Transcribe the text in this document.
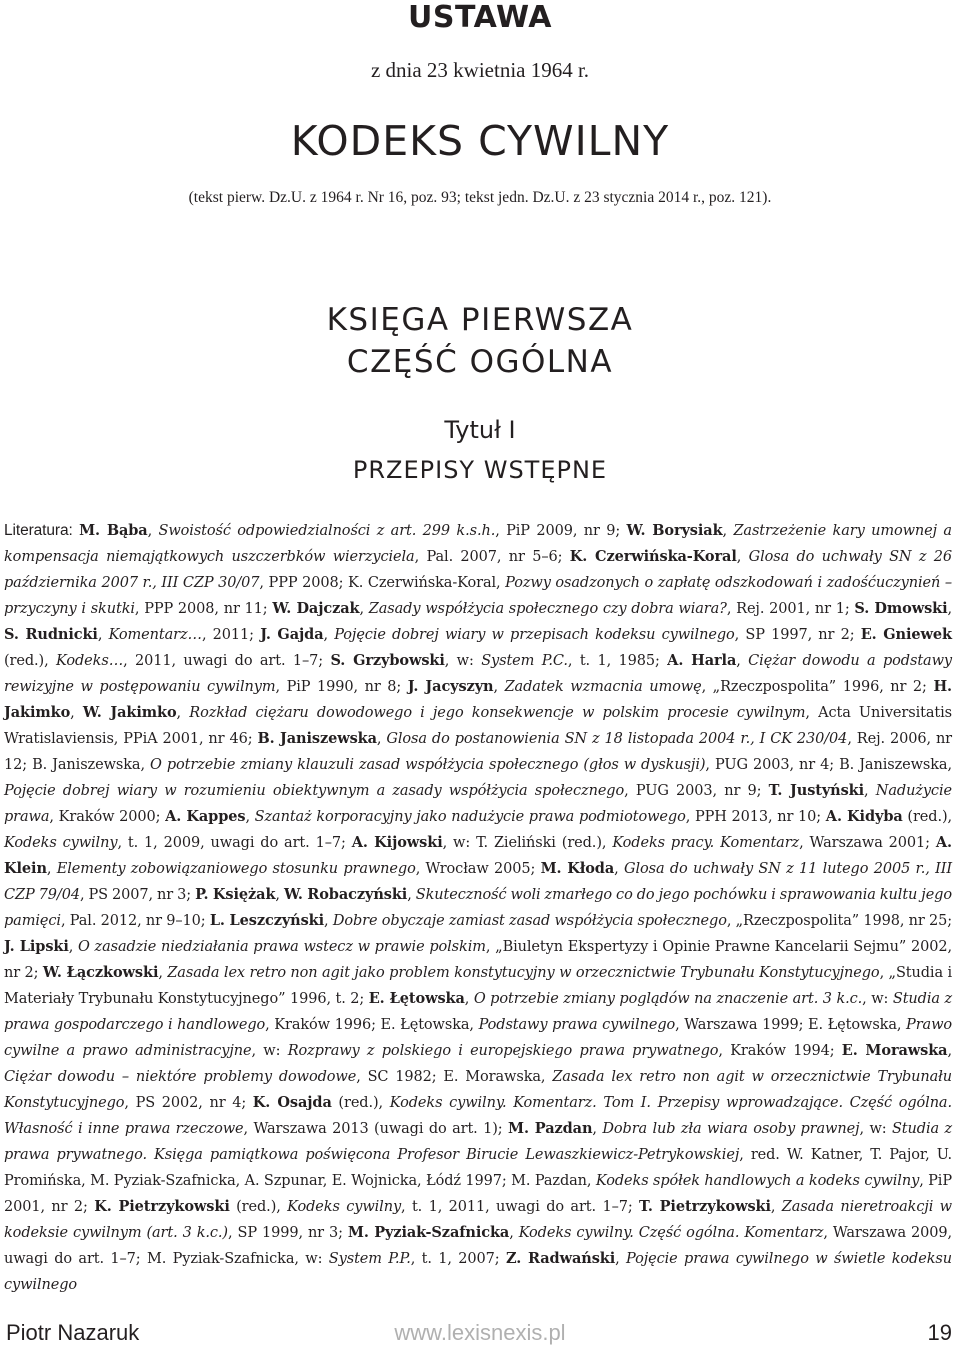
USTAWA
z dnia 23 kwietnia 1964 r.
KODEKS CYWILNY
(tekst pierw. Dz.U. z 1964 r. Nr 16, poz. 93; tekst jedn. Dz.U. z 23 stycznia 2014 r., poz. 121).
KSIĘGA PIERWSZA
CZĘŚĆ OGÓLNA
Tytuł I
PRZEPISY WSTĘPNE
Literatura: M. Bąba, Swoistość odpowiedzialności z art. 299 k.s.h., PiP 2009, nr 9; W. Borysiak, Zastrzeżenie kary umownej a kompensacja niemajątkowych uszczerbków wierzyciela, Pal. 2007, nr 5–6; K. Czerwińska-Koral, Glosa do uchwały SN z 26 października 2007 r., III CZP 30/07, PPP 2008; K. Czerwińska-Koral, Pozwy osadzonych o zapłatę odszkodowań i zadośćuczynień – przyczyny i skutki, PPP 2008, nr 11; W. Dajczak, Zasady współżycia społecznego czy dobra wiara?, Rej. 2001, nr 1; S. Dmowski, S. Rudnicki, Komentarz…, 2011; J. Gajda, Pojęcie dobrej wiary w przepisach kodeksu cywilnego, SP 1997, nr 2; E. Gniewek (red.), Kodeks…, 2011, uwagi do art. 1–7; S. Grzybowski, w: System P.C., t. 1, 1985; A. Harla, Ciężar dowodu a podstawy rewizyjne w postępowaniu cywilnym, PiP 1990, nr 8; J. Jacyszyn, Zadatek wzmacnia umowę, „Rzeczpospolita” 1996, nr 2; H. Jakimko, W. Jakimko, Rozkład ciężaru dowodowego i jego konsekwencje w polskim procesie cywilnym, Acta Universitatis Wratislaviensis, PPiA 2001, nr 46; B. Janiszewska, Glosa do postanowienia SN z 18 listopada 2004 r., I CK 230/04, Rej. 2006, nr 12; B. Janiszewska, O potrzebie zmiany klauzuli zasad współżycia społecznego (głos w dyskusji), PUG 2003, nr 4; B. Janiszewska, Pojęcie dobrej wiary w rozumieniu obiektywnym a zasady współżycia społecznego, PUG 2003, nr 9; T. Justyński, Nadużycie prawa, Kraków 2000; A. Kappes, Szantaż korporacyjny jako nadużycie prawa podmiotowego, PPH 2013, nr 10; A. Kidyba (red.), Kodeks cywilny, t. 1, 2009, uwagi do art. 1–7; A. Kijowski, w: T. Zieliński (red.), Kodeks pracy. Komentarz, Warszawa 2001; A. Klein, Elementy zobowiązaniowego stosunku prawnego, Wrocław 2005; M. Kłoda, Glosa do uchwały SN z 11 lutego 2005 r., III CZP 79/04, PS 2007, nr 3; P. Księżak, W. Robaczyński, Skuteczność woli zmarłego co do jego pochówku i sprawowania kultu jego pamięci, Pal. 2012, nr 9–10; L. Leszczyński, Dobre obyczaje zamiast zasad współżycia społecznego, „Rzeczpospolita” 1998, nr 25; J. Lipski, O zasadzie niedziałania prawa wstecz w prawie polskim, „Biuletyn Ekspertyzy i Opinie Prawne Kancelarii Sejmu” 2002, nr 2; W. Łączkowski, Zasada lex retro non agit jako problem konstytucyjny w orzecznictwie Trybunału Konstytucyjnego, „Studia i Materiały Trybunału Konstytucyjnego” 1996, t. 2; E. Łętowska, O potrzebie zmiany poglądów na znaczenie art. 3 k.c., w: Studia z prawa gospodarczego i handlowego, Kraków 1996; E. Łętowska, Podstawy prawa cywilnego, Warszawa 1999; E. Łętowska, Prawo cywilne a prawo administracyjne, w: Rozprawy z polskiego i europejskiego prawa prywatnego, Kraków 1994; E. Morawska, Ciężar dowodu – niektóre problemy dowodowe, SC 1982; E. Morawska, Zasada lex retro non agit w orzecznictwie Trybunału Konstytucyjnego, PS 2002, nr 4; K. Osajda (red.), Kodeks cywilny. Komentarz. Tom I. Przepisy wprowadzające. Część ogólna. Własność i inne prawa rzeczowe, Warszawa 2013 (uwagi do art. 1); M. Pazdan, Dobra lub zła wiara osoby prawnej, w: Studia z prawa prywatnego. Księga pamiątkowa poświęcona Profesor Birucie Lewaszkiewicz-Petrykowskiej, red. W. Katner, T. Pajor, U. Promińska, M. Pyziak-Szafnicka, A. Szpunar, E. Wojnicka, Łódź 1997; M. Pazdan, Kodeks spółek handlowych a kodeks cywilny, PiP 2001, nr 2; K. Pietrzykowski (red.), Kodeks cywilny, t. 1, 2011, uwagi do art. 1–7; T. Pietrzykowski, Zasada nieretroakcji w kodeksie cywilnym (art. 3 k.c.), SP 1999, nr 3; M. Pyziak-Szafnicka, Kodeks cywilny. Część ogólna. Komentarz, Warszawa 2009, uwagi do art. 1–7; M. Pyziak-Szafnicka, w: System P.P., t. 1, 2007; Z. Radwański, Pojęcie prawa cywilnego w świetle kodeksu cywilnego
Piotr Nazaruk	www.lexisnexis.pl	19
